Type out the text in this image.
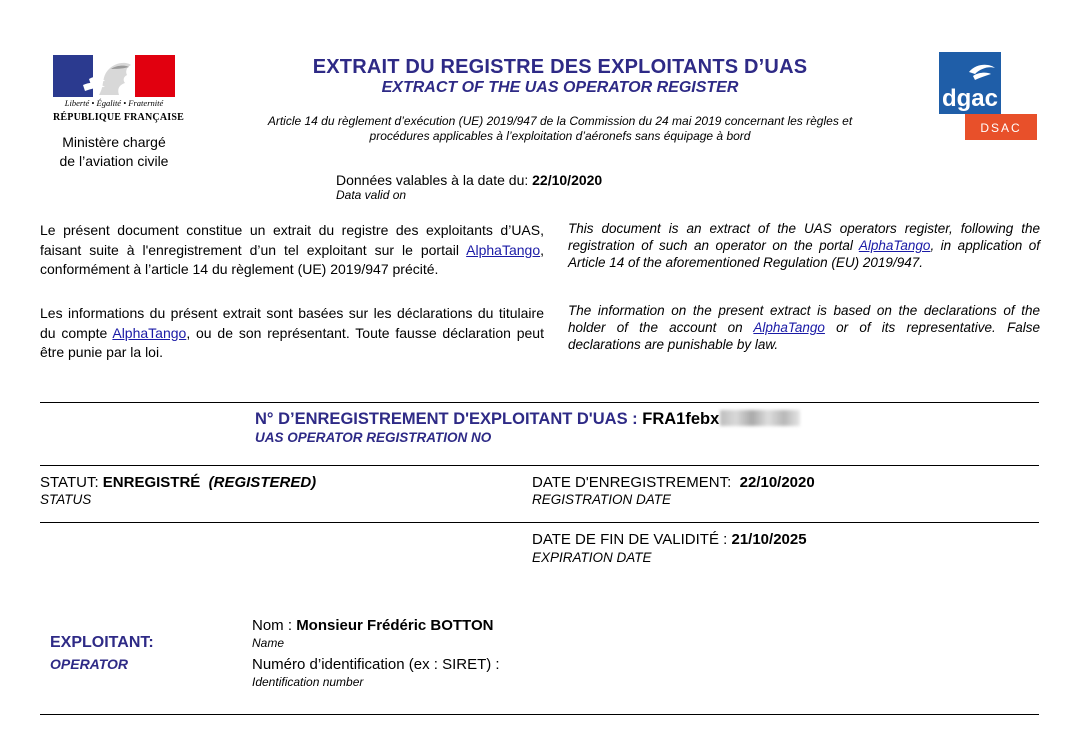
Liberté • Égalité • Fraternité
RÉPUBLIQUE FRANÇAISE
Ministère chargé
de l’aviation civile
EXTRAIT DU REGISTRE DES EXPLOITANTS D’UAS
EXTRACT OF THE UAS OPERATOR REGISTER
Article 14 du règlement d’exécution (UE) 2019/947 de la Commission du 24 mai 2019 concernant les règles et
procédures applicables à l’exploitation d’aéronefs sans équipage à bord
dgac
DSAC
Données valables à la date du: 22/10/2020
Data valid on
Le présent document constitue un extrait du registre des exploitants d’UAS, faisant suite à l'enregistrement d’un tel exploitant sur le portail AlphaTango, conformément à l’article 14 du règlement (UE) 2019/947 précité.
Les informations du présent extrait sont basées sur les déclarations du titulaire du compte AlphaTango, ou de son représentant. Toute fausse déclaration peut être punie par la loi.
This document is an extract of the UAS operators register, following the registration of such an operator on the portal AlphaTango, in application of Article 14 of the aforementioned Regulation (EU) 2019/947.
The information on the present extract is based on the declarations of the holder of the account on AlphaTango or of its representative. False declarations are punishable by law.
N° D’ENREGISTREMENT D'EXPLOITANT D'UAS : FRA1febx
UAS OPERATOR REGISTRATION NO
STATUT: ENREGISTRÉ (REGISTERED)
STATUS
DATE D'ENREGISTREMENT: 22/10/2020
REGISTRATION DATE
DATE DE FIN DE VALIDITÉ : 21/10/2025
EXPIRATION DATE
EXPLOITANT:
OPERATOR
Nom : Monsieur Frédéric BOTTON
Name
Numéro d’identification (ex : SIRET) :
Identification number
